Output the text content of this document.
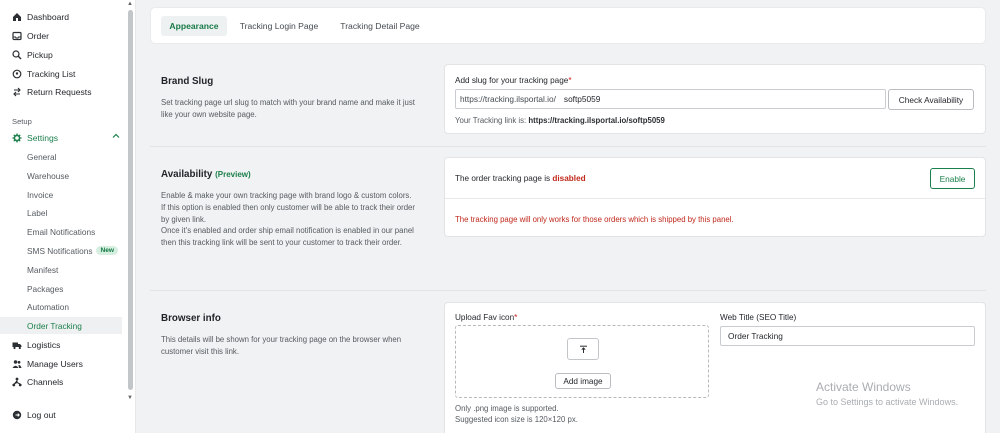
Dashboard
Order
Pickup
Tracking List
Return Requests
Setup
Settings
General
Warehouse
Invoice
Label
Email Notifications
SMS Notifications	New
Manifest
Packages
Automation
Order Tracking
Logistics
Manage Users
Channels
Log out
▲
▼
Appearance	Tracking Login Page	Tracking Detail Page
Brand Slug
Set tracking page url slug to match with your brand name and make it just like your own website page.
Add slug for your tracking page*
https://tracking.ilsportal.io/ softp5059	Check Availability
Your Tracking link is: https://tracking.ilsportal.io/softp5059
Availability (Preview)
Enable & make your own tracking page with brand logo & custom colors.
If this option is enabled then only customer will be able to track their order by given link.
Once it's enabled and order ship email notification is enabled in our panel then this tracking link will be sent to your customer to track their order.
The order tracking page is disabled	Enable
The tracking page will only works for those orders which is shipped by this panel.
Browser info
This details will be shown for your tracking page on the browser when customer visit this link.
Upload Fav icon*
Add image
Only .png image is supported.
Suggested icon size is 120×120 px.
Web Title (SEO Title)
Order Tracking
Activate Windows
Go to Settings to activate Windows.
